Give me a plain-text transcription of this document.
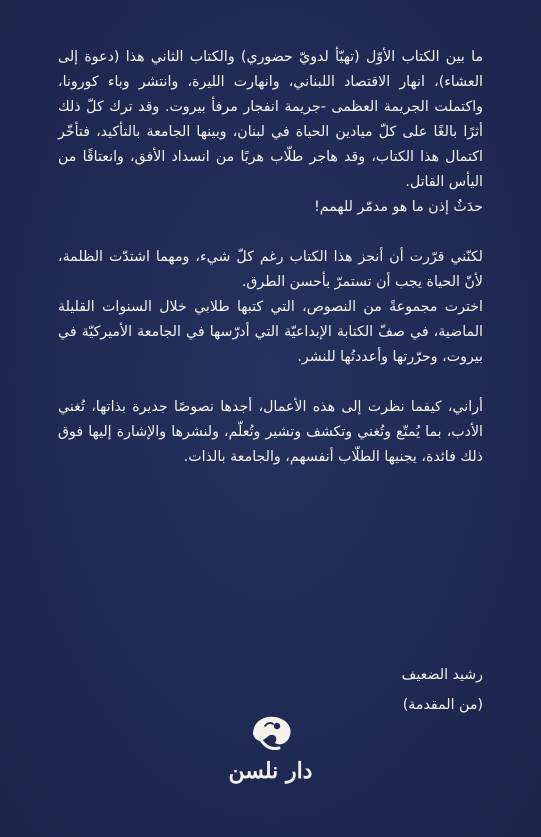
ما بين الكتاب الأوّل (تهيّأ لدويّ حضوري) والكتاب الثاني هذا (دعوة إلى العشاء)، انهار الاقتصاد اللبناني، وانهارت الليرة، وانتشر وباء كورونا، واكتملت الجريمة العظمى -جريمة انفجار مرفأ بيروت. وقد ترك كلّ ذلك أثرًا بالغًا على كلّ ميادين الحياة في لبنان، وبينها الجامعة بالتأكيد، فتأخّر اكتمال هذا الكتاب، وقد هاجر طلّاب هربًا من انسداد الأفق، وانعتاقًا من اليأس القاتل.

حدَثٌ إذن ما هو مدمّر للهمم!

لكنّني قرّرت أن أنجز هذا الكتاب رغم كلّ شيء، ومهما اشتدّت الظلمة، لأنّ الحياة يجب أن تستمرّ بأحسن الطرق.

اخترت مجموعةً من النصوص، التي كتبها طلابي خلال السنوات القليلة الماضية، في صفّ الكتابة الإبداعيّة التي أدرّسها في الجامعة الأميركيّة في بيروت، وحرّرتها وأعددتُها للنشر.

أراني، كيفما نظرت إلى هذه الأعمال، أجدها نصوصًا جديرة بذاتها، تُغني الأدب، بما يُمتّع وتُغني وتكشف وتشير وتُعلّم، ولنشرها والإشارة إليها فوق ذلك فائدة، يجنيها الطلّاب أنفسهم، والجامعة بالذات.

رشيد الضعيف
(من المقدمة)
دار نلسن
